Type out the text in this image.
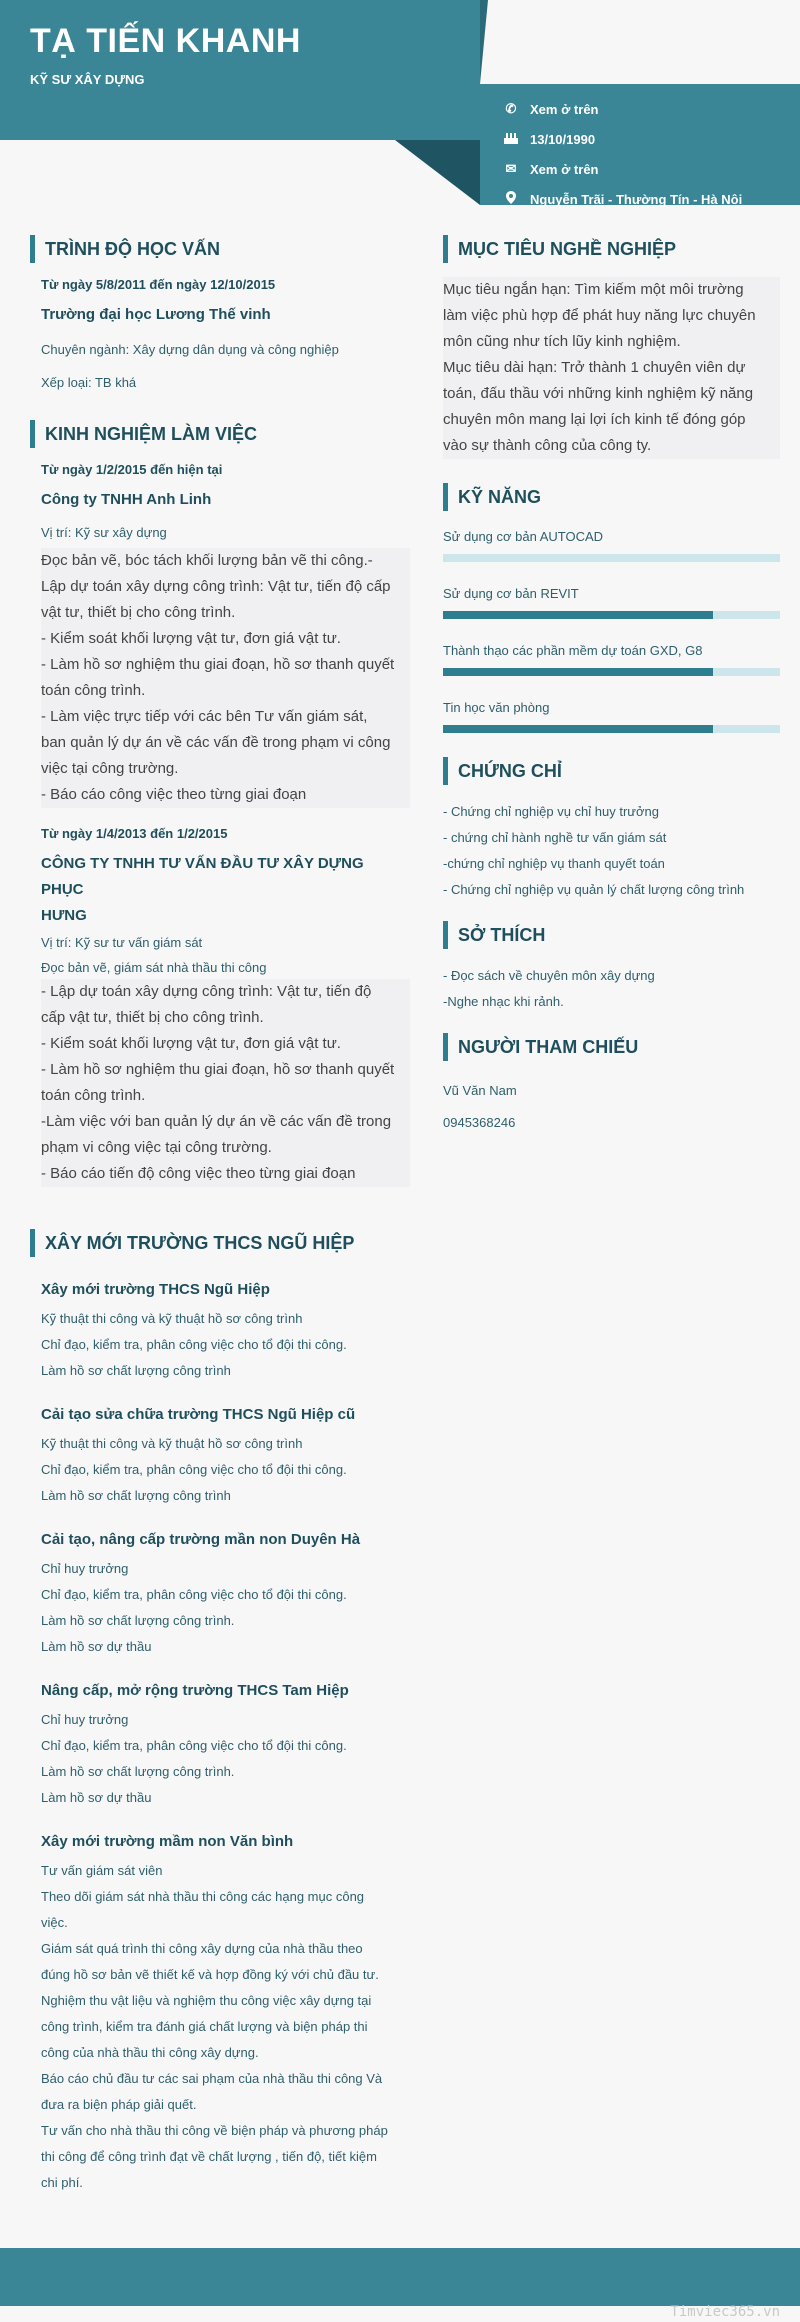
TẠ TIẾN KHANH
KỸ SƯ XÂY DỰNG
✆	Xem ở trên
13/10/1990
✉	Xem ở trên
Nguyễn Trãi - Thường Tín - Hà Nội
TRÌNH ĐỘ HỌC VẤN
Từ ngày 5/8/2011 đến ngày 12/10/2015
Trường đại học Lương Thế vinh
Chuyên ngành: Xây dựng dân dụng và công nghiệp
Xếp loại: TB khá
KINH NGHIỆM LÀM VIỆC
Từ ngày 1/2/2015 đến hiện tại
Công ty TNHH Anh Linh
Vị trí: Kỹ sư xây dựng
Đọc bản vẽ, bóc tách khối lượng bản vẽ thi công.-
Lập dự toán xây dựng công trình: Vật tư, tiến độ cấp
vật tư, thiết bị cho công trình.
- Kiểm soát khối lượng vật tư, đơn giá vật tư.
- Làm hồ sơ nghiệm thu giai đoạn, hồ sơ thanh quyết
toán công trình.
- Làm việc trực tiếp với các bên Tư vấn giám sát,
ban quản lý dự án về các vấn đề trong phạm vi công
việc tại công trường.
- Báo cáo công việc theo từng giai đoạn
Từ ngày 1/4/2013 đến 1/2/2015
CÔNG TY TNHH TƯ VẤN ĐẦU TƯ XÂY DỰNG PHỤC
HƯNG
Vị trí: Kỹ sư tư vấn giám sát
Đọc bản vẽ, giám sát nhà thầu thi công
- Lập dự toán xây dựng công trình: Vật tư, tiến độ
cấp vật tư, thiết bị cho công trình.
- Kiểm soát khối lượng vật tư, đơn giá vật tư.
- Làm hồ sơ nghiệm thu giai đoạn, hồ sơ thanh quyết
toán công trình.
-Làm việc với ban quản lý dự án về các vấn đề trong
phạm vi công việc tại công trường.
- Báo cáo tiến độ công việc theo từng giai đoạn
XÂY MỚI TRƯỜNG THCS NGŨ HIỆP
Xây mới trường THCS Ngũ Hiệp
Kỹ thuật thi công và kỹ thuật hồ sơ công trình
Chỉ đạo, kiểm tra, phân công việc cho tổ đội thi công.
Làm hồ sơ chất lượng công trình
Cải tạo sửa chữa trường THCS Ngũ Hiệp cũ
Kỹ thuật thi công và kỹ thuật hồ sơ công trình
Chỉ đạo, kiểm tra, phân công việc cho tổ đội thi công.
Làm hồ sơ chất lượng công trình
Cải tạo, nâng cấp trường mần non Duyên Hà
Chỉ huy trưởng
Chỉ đạo, kiểm tra, phân công việc cho tổ đội thi công.
Làm hồ sơ chất lượng công trình.
Làm hồ sơ dự thầu
Nâng cấp, mở rộng trường THCS Tam Hiệp
Chỉ huy trưởng
Chỉ đạo, kiểm tra, phân công việc cho tổ đội thi công.
Làm hồ sơ chất lượng công trình.
Làm hồ sơ dự thầu
Xây mới trường mầm non Văn bình
Tư vấn giám sát viên
Theo dõi giám sát nhà thầu thi công các hạng mục công
việc.
Giám sát quá trình thi công xây dựng của nhà thầu theo
đúng hồ sơ bản vẽ thiết kế và hợp đồng ký với chủ đầu tư.
Nghiệm thu vật liệu và nghiệm thu công việc xây dựng tại
công trình, kiểm tra đánh giá chất lượng và biện pháp thi
công của nhà thầu thi công xây dựng.
Báo cáo chủ đầu tư các sai phạm của nhà thầu thi công Và
đưa ra biện pháp giải quết.
Tư vấn cho nhà thầu thi công về biện pháp và phương pháp
thi công để công trình đạt về chất lượng , tiến độ, tiết kiệm
chi phí.
MỤC TIÊU NGHỀ NGHIỆP
Mục tiêu ngắn hạn: Tìm kiếm một môi trường
làm việc phù hợp để phát huy năng lực chuyên
môn cũng như tích lũy kinh nghiệm.
Mục tiêu dài hạn: Trở thành 1 chuyên viên dự
toán, đấu thầu với những kinh nghiệm kỹ năng
chuyên môn mang lại lợi ích kinh tế đóng góp
vào sự thành công của công ty.
KỸ NĂNG
Sử dụng cơ bản AUTOCAD
Sử dụng cơ bản REVIT
Thành thạo các phần mềm dự toán GXD, G8
Tin học văn phòng
CHỨNG CHỈ
- Chứng chỉ nghiệp vụ chỉ huy trưởng
- chứng chỉ hành nghề tư vấn giám sát
-chứng chỉ nghiệp vụ thanh quyết toán
- Chứng chỉ nghiệp vụ quản lý chất lượng công trình
SỞ THÍCH
- Đọc sách về chuyên môn xây dựng
-Nghe nhạc khi rảnh.
NGƯỜI THAM CHIẾU
Vũ Văn Nam
0945368246
Timviec365.vn
